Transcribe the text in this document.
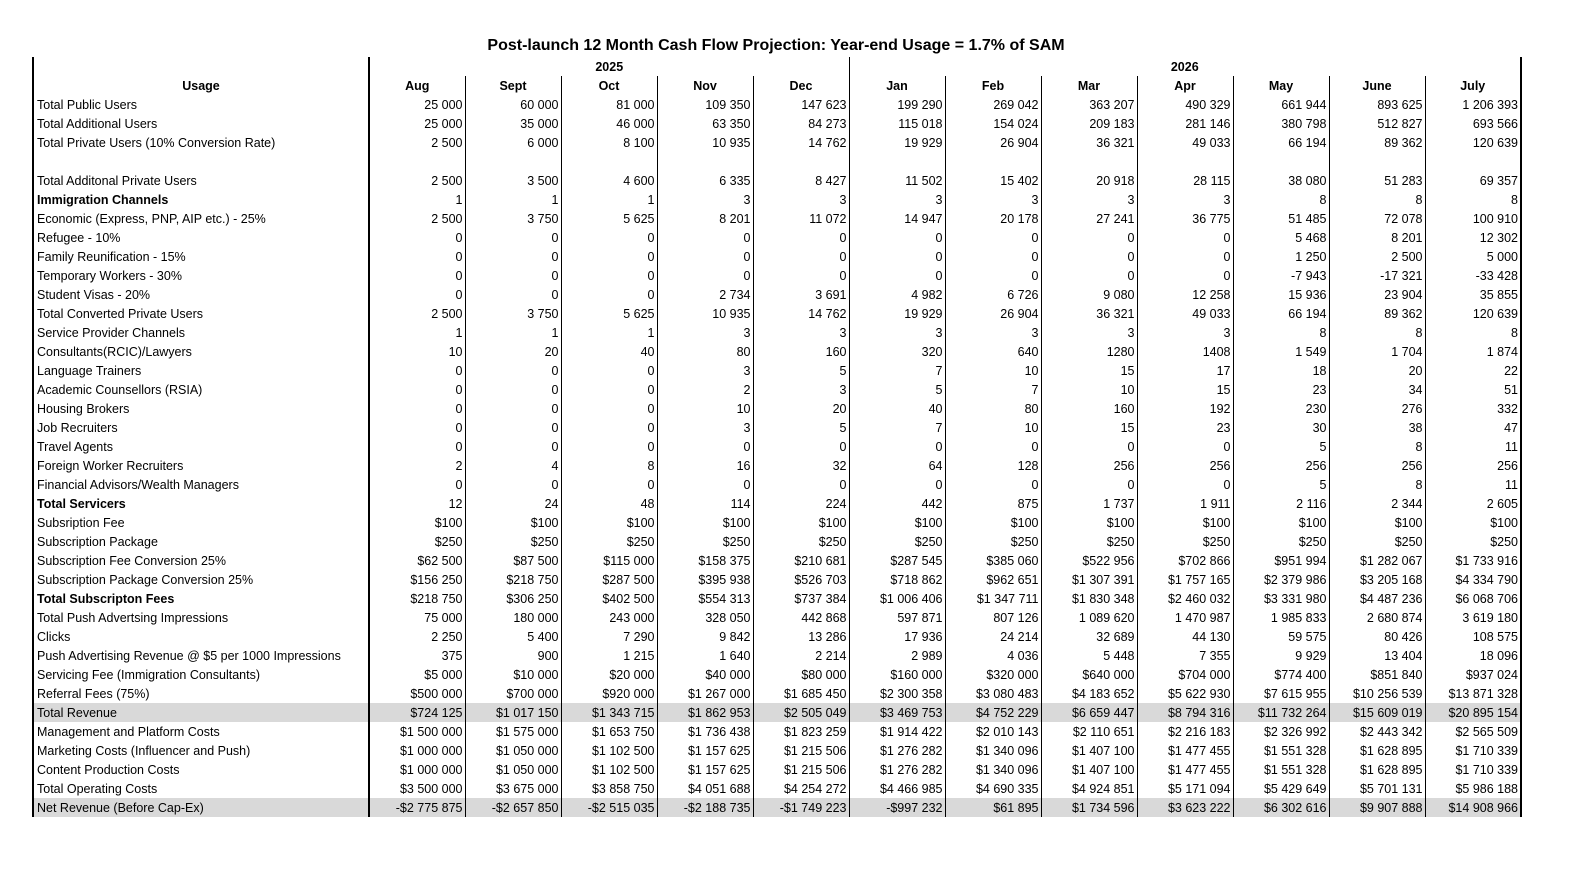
Post-launch 12 Month Cash Flow Projection: Year-end Usage = 1.7% of SAM
	2025					2026						
Usage	Aug	Sept	Oct	Nov	Dec	Jan	Feb	Mar	Apr	May	June	July
Total Public Users	25 000	60 000	81 000	109 350	147 623	199 290	269 042	363 207	490 329	661 944	893 625	1 206 393
Total Additional Users	25 000	35 000	46 000	63 350	84 273	115 018	154 024	209 183	281 146	380 798	512 827	693 566
Total Private Users (10% Conversion Rate)	2 500	6 000	8 100	10 935	14 762	19 929	26 904	36 321	49 033	66 194	89 362	120 639

Total Additonal Private Users	2 500	3 500	4 600	6 335	8 427	11 502	15 402	20 918	28 115	38 080	51 283	69 357
Immigration Channels	1	1	1	3	3	3	3	3	3	8	8	8
Economic (Express, PNP, AIP etc.) - 25%	2 500	3 750	5 625	8 201	11 072	14 947	20 178	27 241	36 775	51 485	72 078	100 910
Refugee - 10%	0	0	0	0	0	0	0	0	0	5 468	8 201	12 302
Family Reunification - 15%	0	0	0	0	0	0	0	0	0	1 250	2 500	5 000
Temporary Workers - 30%	0	0	0	0	0	0	0	0	0	-7 943	-17 321	-33 428
Student Visas - 20%	0	0	0	2 734	3 691	4 982	6 726	9 080	12 258	15 936	23 904	35 855
Total Converted Private Users	2 500	3 750	5 625	10 935	14 762	19 929	26 904	36 321	49 033	66 194	89 362	120 639
Service Provider Channels	1	1	1	3	3	3	3	3	3	8	8	8
Consultants(RCIC)/Lawyers	10	20	40	80	160	320	640	1280	1408	1 549	1 704	1 874
Language Trainers	0	0	0	3	5	7	10	15	17	18	20	22
Academic Counsellors (RSIA)	0	0	0	2	3	5	7	10	15	23	34	51
Housing Brokers	0	0	0	10	20	40	80	160	192	230	276	332
Job Recruiters	0	0	0	3	5	7	10	15	23	30	38	47
Travel Agents	0	0	0	0	0	0	0	0	0	5	8	11
Foreign Worker Recruiters	2	4	8	16	32	64	128	256	256	256	256	256
Financial Advisors/Wealth Managers	0	0	0	0	0	0	0	0	0	5	8	11
Total Servicers	12	24	48	114	224	442	875	1 737	1 911	2 116	2 344	2 605
Subsription Fee	$100	$100	$100	$100	$100	$100	$100	$100	$100	$100	$100	$100
Subscription Package	$250	$250	$250	$250	$250	$250	$250	$250	$250	$250	$250	$250
Subscription Fee Conversion 25%	$62 500	$87 500	$115 000	$158 375	$210 681	$287 545	$385 060	$522 956	$702 866	$951 994	$1 282 067	$1 733 916
Subscription Package Conversion 25%	$156 250	$218 750	$287 500	$395 938	$526 703	$718 862	$962 651	$1 307 391	$1 757 165	$2 379 986	$3 205 168	$4 334 790
Total Subscripton Fees	$218 750	$306 250	$402 500	$554 313	$737 384	$1 006 406	$1 347 711	$1 830 348	$2 460 032	$3 331 980	$4 487 236	$6 068 706
Total Push Advertsing Impressions	75 000	180 000	243 000	328 050	442 868	597 871	807 126	1 089 620	1 470 987	1 985 833	2 680 874	3 619 180
Clicks	2 250	5 400	7 290	9 842	13 286	17 936	24 214	32 689	44 130	59 575	80 426	108 575
Push Advertising Revenue @ $5 per 1000 Impressions	375	900	1 215	1 640	2 214	2 989	4 036	5 448	7 355	9 929	13 404	18 096
Servicing Fee (Immigration Consultants)	$5 000	$10 000	$20 000	$40 000	$80 000	$160 000	$320 000	$640 000	$704 000	$774 400	$851 840	$937 024
Referral Fees (75%)	$500 000	$700 000	$920 000	$1 267 000	$1 685 450	$2 300 358	$3 080 483	$4 183 652	$5 622 930	$7 615 955	$10 256 539	$13 871 328
Total Revenue	$724 125	$1 017 150	$1 343 715	$1 862 953	$2 505 049	$3 469 753	$4 752 229	$6 659 447	$8 794 316	$11 732 264	$15 609 019	$20 895 154
Management and Platform Costs	$1 500 000	$1 575 000	$1 653 750	$1 736 438	$1 823 259	$1 914 422	$2 010 143	$2 110 651	$2 216 183	$2 326 992	$2 443 342	$2 565 509
Marketing Costs (Influencer and Push)	$1 000 000	$1 050 000	$1 102 500	$1 157 625	$1 215 506	$1 276 282	$1 340 096	$1 407 100	$1 477 455	$1 551 328	$1 628 895	$1 710 339
Content Production Costs	$1 000 000	$1 050 000	$1 102 500	$1 157 625	$1 215 506	$1 276 282	$1 340 096	$1 407 100	$1 477 455	$1 551 328	$1 628 895	$1 710 339
Total Operating Costs	$3 500 000	$3 675 000	$3 858 750	$4 051 688	$4 254 272	$4 466 985	$4 690 335	$4 924 851	$5 171 094	$5 429 649	$5 701 131	$5 986 188
Net Revenue (Before Cap-Ex)	-$2 775 875	-$2 657 850	-$2 515 035	-$2 188 735	-$1 749 223	-$997 232	$61 895	$1 734 596	$3 623 222	$6 302 616	$9 907 888	$14 908 966
